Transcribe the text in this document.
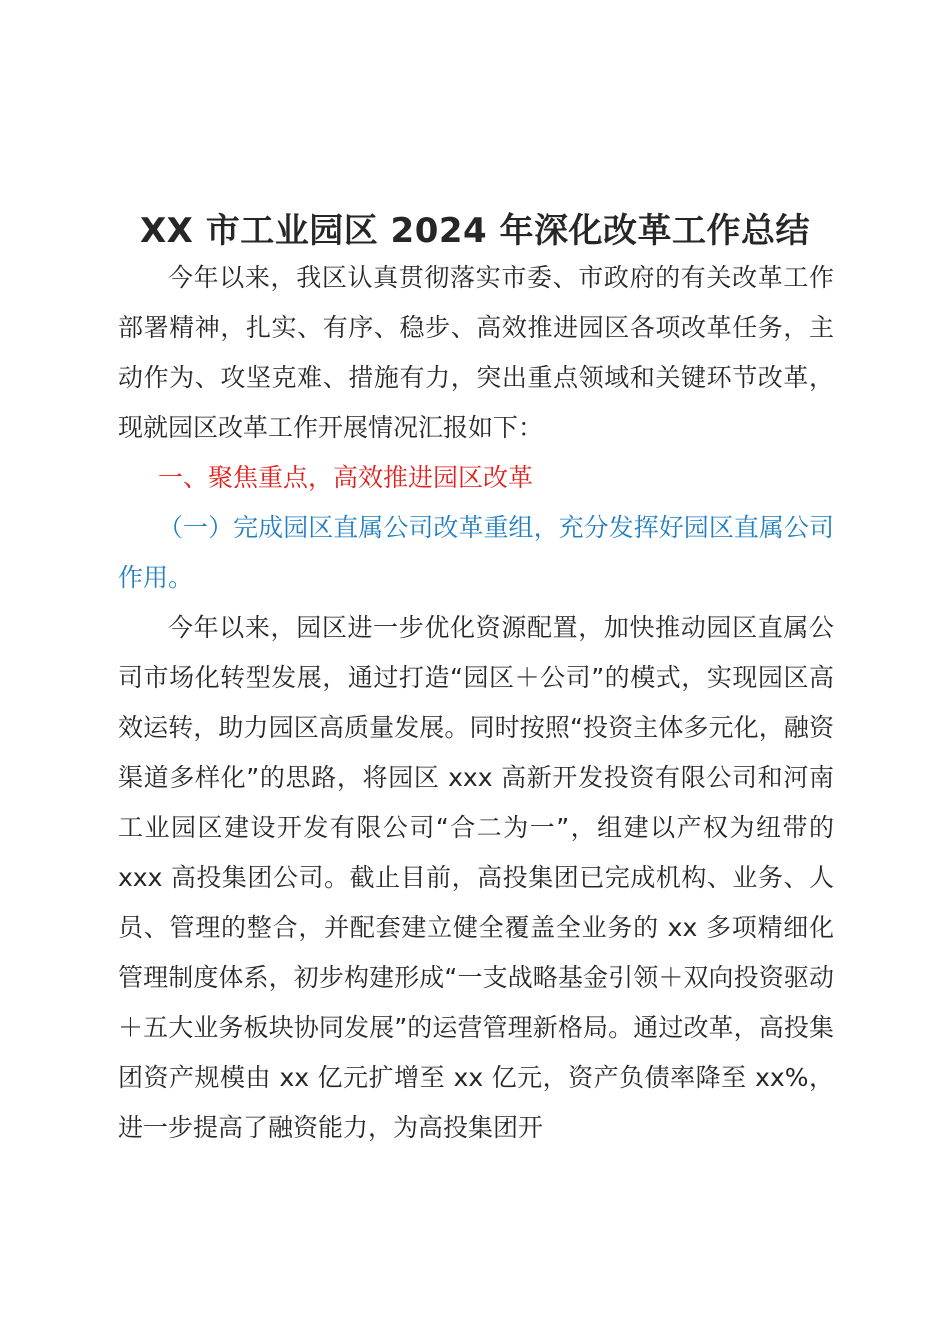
XX 市工业园区 2024 年深化改革工作总结

今年以来，我区认真贯彻落实市委、市政府的有关改革工作部署精神，扎实、有序、稳步、高效推进园区各项改革任务，主动作为、攻坚克难、措施有力，突出重点领域和关键环节改革，现就园区改革工作开展情况汇报如下：

一、聚焦重点，高效推进园区改革

（一）完成园区直属公司改革重组，充分发挥好园区直属公司作用。

今年以来，园区进一步优化资源配置，加快推动园区直属公司市场化转型发展，通过打造“园区＋公司”的模式，实现园区高效运转，助力园区高质量发展。同时按照“投资主体多元化，融资渠道多样化”的思路，将园区 xxx 高新开发投资有限公司和河南工业园区建设开发有限公司“合二为一”，组建以产权为纽带的 xxx 高投集团公司。截止目前，高投集团已完成机构、业务、人员、管理的整合，并配套建立健全覆盖全业务的 xx 多项精细化管理制度体系，初步构建形成“一支战略基金引领＋双向投资驱动＋五大业务板块协同发展”的运营管理新格局。通过改革，高投集团资产规模由 xx 亿元扩增至 xx 亿元，资产负债率降至 xx%，进一步提高了融资能力，为高投集团开
